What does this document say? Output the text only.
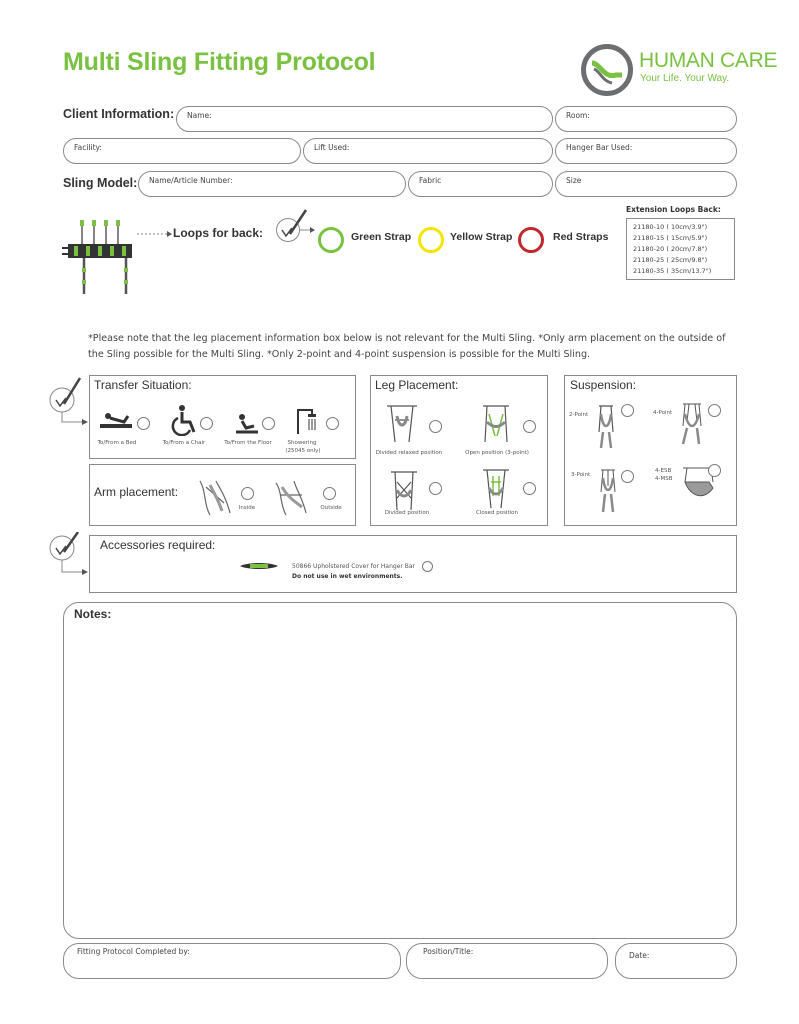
Multi Sling Fitting Protocol	HUMAN CARE
Your Life. Your Way.
Client Information: Name:	Room:
Facility:	Lift Used:	Hanger Bar Used:
Sling Model: Name/Article Number:	Fabric	Size
Loops for back:	Green Strap	Yellow Strap	Red Straps
Extension Loops Back:
21180-10 ( 10cm/3.9")
21180-15 ( 15cm/5.9")
21180-20 ( 20cm/7.8")
21180-25 ( 25cm/9.8")
21180-35 ( 35cm/13.7")
*Please note that the leg placement information box below is not relevant for the Multi Sling. *Only arm placement on the outside of the Sling possible for the Multi Sling. *Only 2-point and 4-point suspension is possible for the Multi Sling.
Transfer Situation:
To/From a Bed	To/From a Chair	To/From the Floor	Showering
(25045 only)
Arm placement:
Inside	Outside
Leg Placement:
Divided relaxed position	Open position (3-point)
Divided position	Closed position
Suspension:
2-Point	4-Point
3-Point
4-ESB
4-MSB
Accessories required:
50866 Upholstered Cover for Hanger Bar
Do not use in wet environments.
Notes:
Fitting Protocol Completed by:	Position/Title:	Date:
